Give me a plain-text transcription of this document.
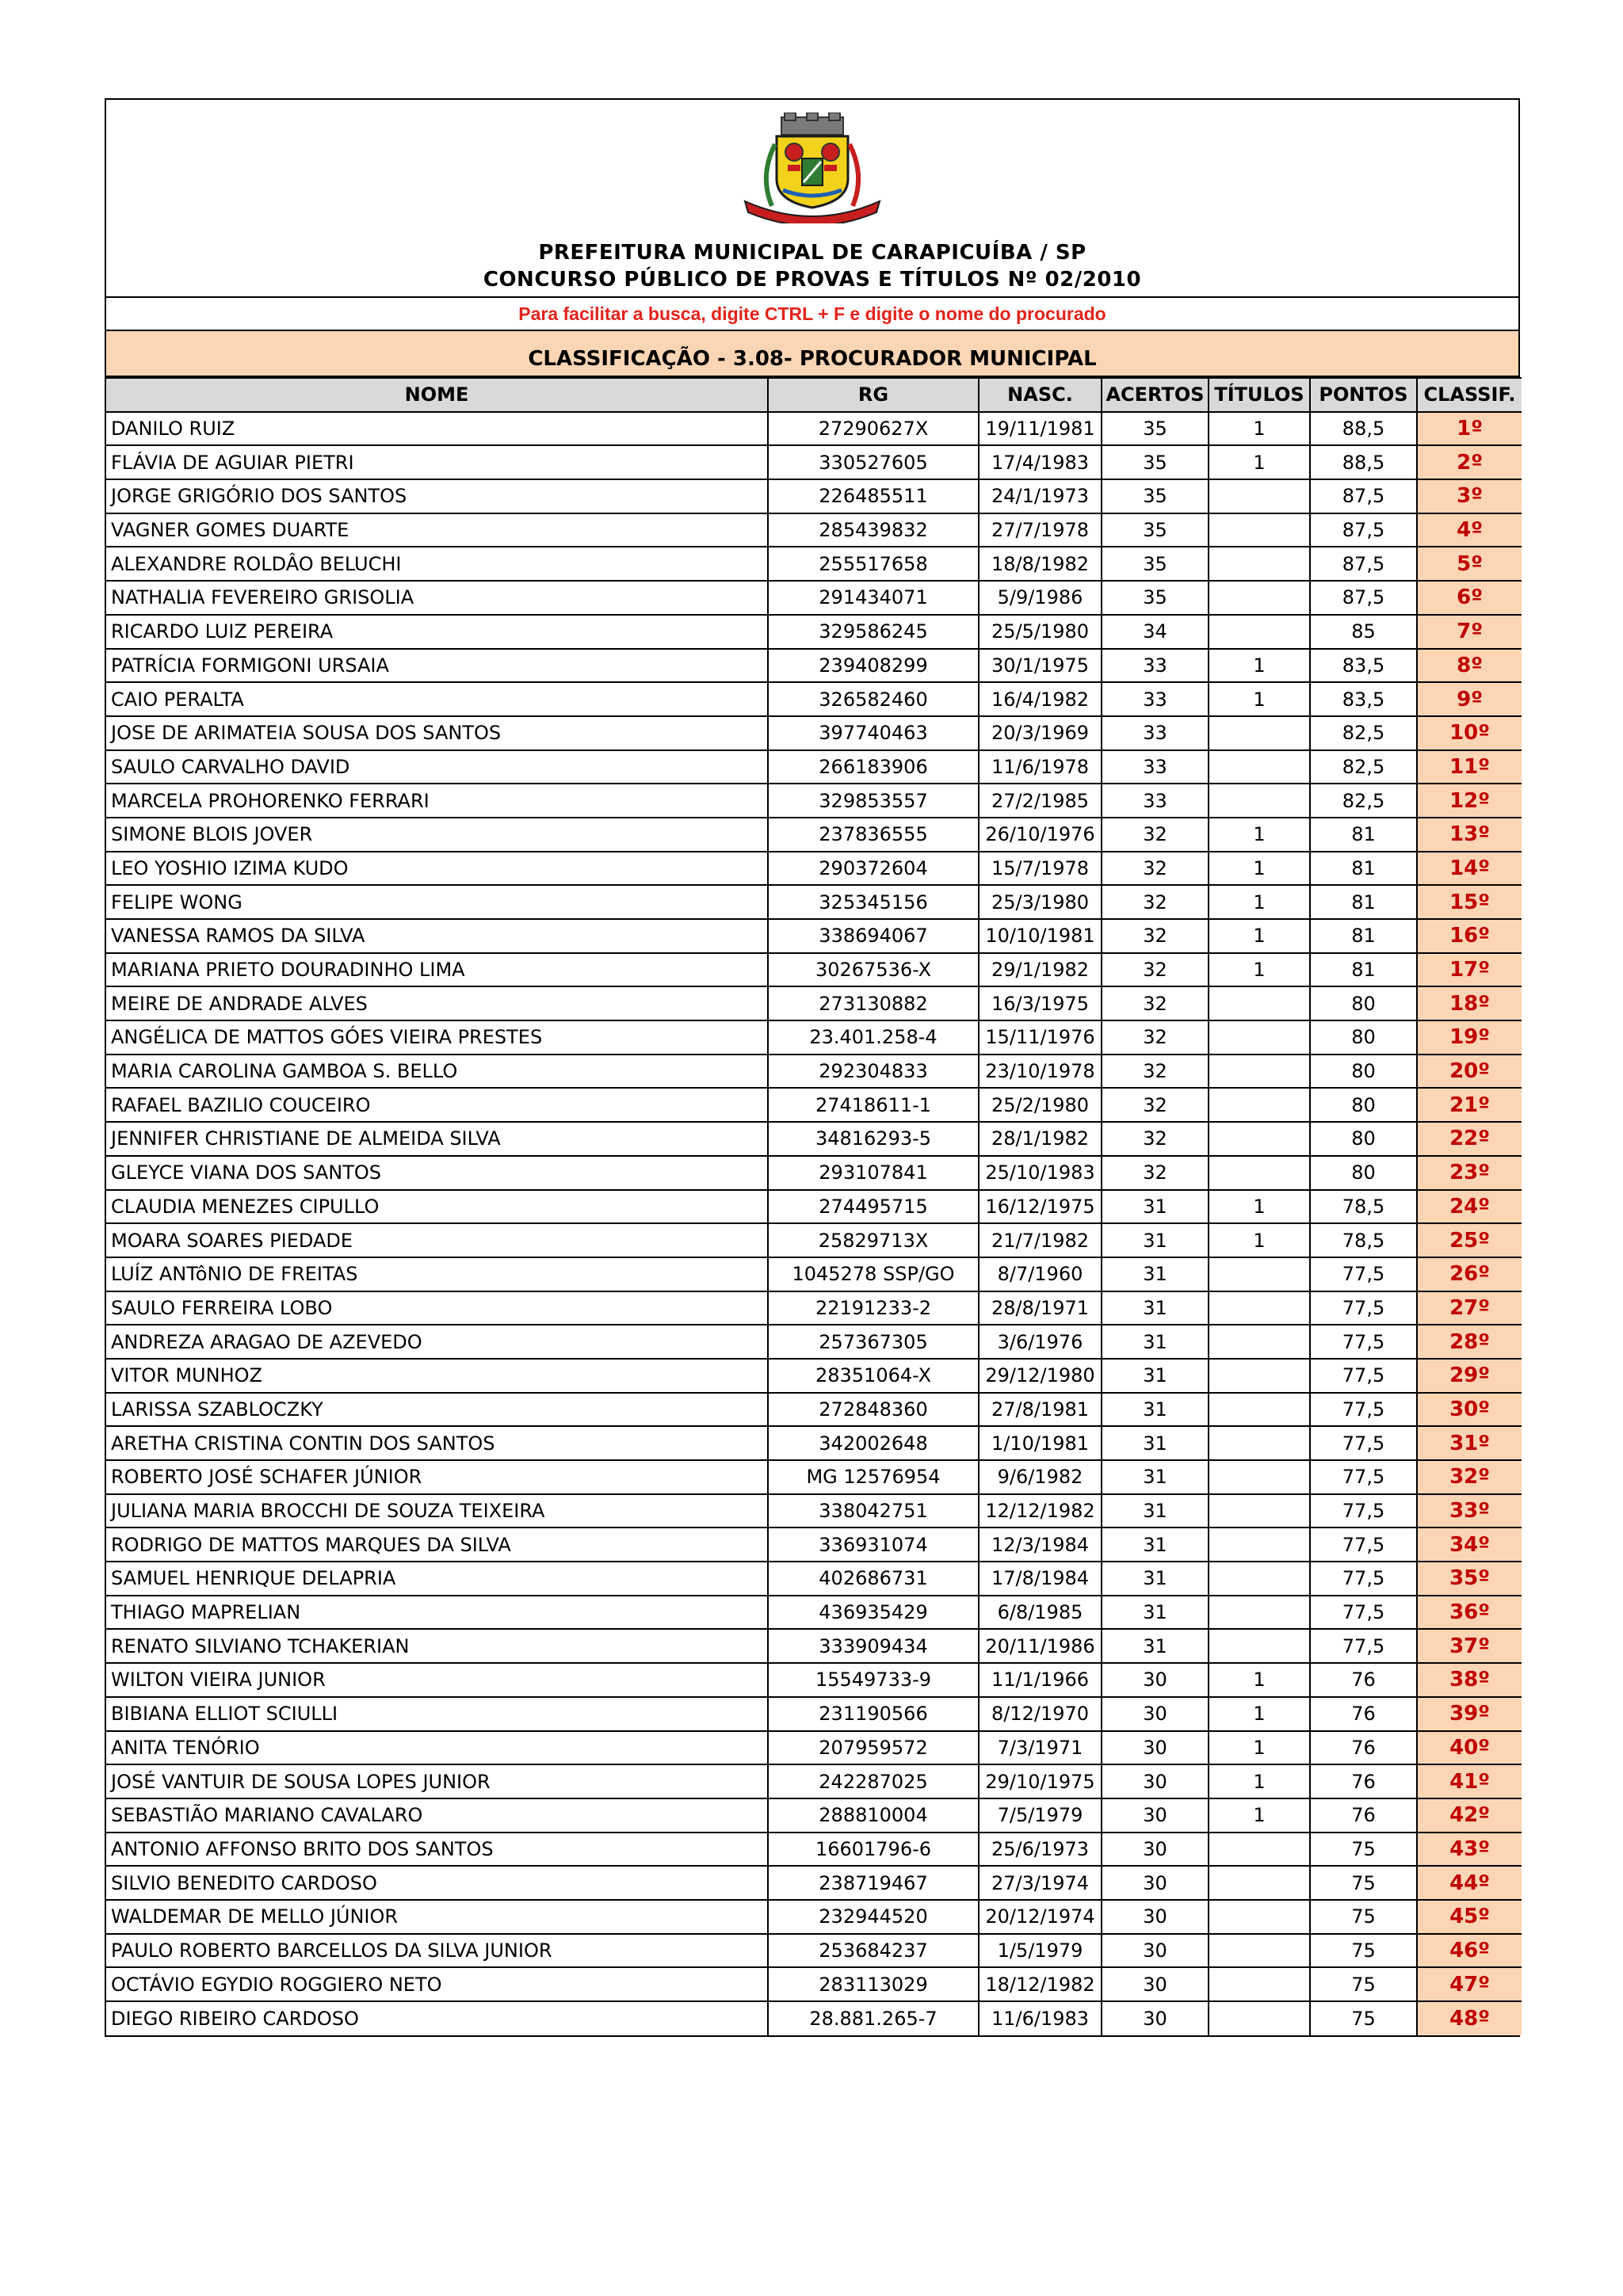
PREFEITURA MUNICIPAL DE CARAPICUÍBA / SP
CONCURSO PÚBLICO DE PROVAS E TÍTULOS Nº 02/2010
Para facilitar a busca, digite CTRL + F e digite o nome do procurado
CLASSIFICAÇÃO - 3.08- PROCURADOR MUNICIPAL
NOME	RG	NASC.	ACERTOS	TÍTULOS	PONTOS	CLASSIF.
DANILO RUIZ	27290627X	19/11/1981	35	1	88,5	1º
FLÁVIA DE AGUIAR PIETRI	330527605	17/4/1983	35	1	88,5	2º
JORGE GRIGÓRIO DOS SANTOS	226485511	24/1/1973	35		87,5	3º
VAGNER GOMES DUARTE	285439832	27/7/1978	35		87,5	4º
ALEXANDRE ROLDÂO BELUCHI	255517658	18/8/1982	35		87,5	5º
NATHALIA FEVEREIRO GRISOLIA	291434071	5/9/1986	35		87,5	6º
RICARDO LUIZ PEREIRA	329586245	25/5/1980	34		85	7º
PATRÍCIA FORMIGONI URSAIA	239408299	30/1/1975	33	1	83,5	8º
CAIO PERALTA	326582460	16/4/1982	33	1	83,5	9º
JOSE DE ARIMATEIA SOUSA DOS SANTOS	397740463	20/3/1969	33		82,5	10º
SAULO CARVALHO DAVID	266183906	11/6/1978	33		82,5	11º
MARCELA PROHORENKO FERRARI	329853557	27/2/1985	33		82,5	12º
SIMONE BLOIS JOVER	237836555	26/10/1976	32	1	81	13º
LEO YOSHIO IZIMA KUDO	290372604	15/7/1978	32	1	81	14º
FELIPE WONG	325345156	25/3/1980	32	1	81	15º
VANESSA RAMOS DA SILVA	338694067	10/10/1981	32	1	81	16º
MARIANA PRIETO DOURADINHO LIMA	30267536-X	29/1/1982	32	1	81	17º
MEIRE DE ANDRADE ALVES	273130882	16/3/1975	32		80	18º
ANGÉLICA DE MATTOS GÓES VIEIRA PRESTES	23.401.258-4	15/11/1976	32		80	19º
MARIA CAROLINA GAMBOA S. BELLO	292304833	23/10/1978	32		80	20º
RAFAEL BAZILIO COUCEIRO	27418611-1	25/2/1980	32		80	21º
JENNIFER CHRISTIANE DE ALMEIDA SILVA	34816293-5	28/1/1982	32		80	22º
GLEYCE VIANA DOS SANTOS	293107841	25/10/1983	32		80	23º
CLAUDIA MENEZES CIPULLO	274495715	16/12/1975	31	1	78,5	24º
MOARA SOARES PIEDADE	25829713X	21/7/1982	31	1	78,5	25º
LUÍZ ANTôNIO DE FREITAS	1045278 SSP/GO	8/7/1960	31		77,5	26º
SAULO FERREIRA LOBO	22191233-2	28/8/1971	31		77,5	27º
ANDREZA ARAGAO DE AZEVEDO	257367305	3/6/1976	31		77,5	28º
VITOR MUNHOZ	28351064-X	29/12/1980	31		77,5	29º
LARISSA SZABLOCZKY	272848360	27/8/1981	31		77,5	30º
ARETHA CRISTINA CONTIN DOS SANTOS	342002648	1/10/1981	31		77,5	31º
ROBERTO JOSÉ SCHAFER JÚNIOR	MG 12576954	9/6/1982	31		77,5	32º
JULIANA MARIA BROCCHI DE SOUZA TEIXEIRA	338042751	12/12/1982	31		77,5	33º
RODRIGO DE MATTOS MARQUES DA SILVA	336931074	12/3/1984	31		77,5	34º
SAMUEL HENRIQUE DELAPRIA	402686731	17/8/1984	31		77,5	35º
THIAGO MAPRELIAN	436935429	6/8/1985	31		77,5	36º
RENATO SILVIANO TCHAKERIAN	333909434	20/11/1986	31		77,5	37º
WILTON VIEIRA JUNIOR	15549733-9	11/1/1966	30	1	76	38º
BIBIANA ELLIOT SCIULLI	231190566	8/12/1970	30	1	76	39º
ANITA TENÓRIO	207959572	7/3/1971	30	1	76	40º
JOSÉ VANTUIR DE SOUSA LOPES JUNIOR	242287025	29/10/1975	30	1	76	41º
SEBASTIÃO MARIANO CAVALARO	288810004	7/5/1979	30	1	76	42º
ANTONIO AFFONSO BRITO DOS SANTOS	16601796-6	25/6/1973	30		75	43º
SILVIO BENEDITO CARDOSO	238719467	27/3/1974	30		75	44º
WALDEMAR DE MELLO JÚNIOR	232944520	20/12/1974	30		75	45º
PAULO ROBERTO BARCELLOS DA SILVA JUNIOR	253684237	1/5/1979	30		75	46º
OCTÁVIO EGYDIO ROGGIERO NETO	283113029	18/12/1982	30		75	47º
DIEGO RIBEIRO CARDOSO	28.881.265-7	11/6/1983	30		75	48º
